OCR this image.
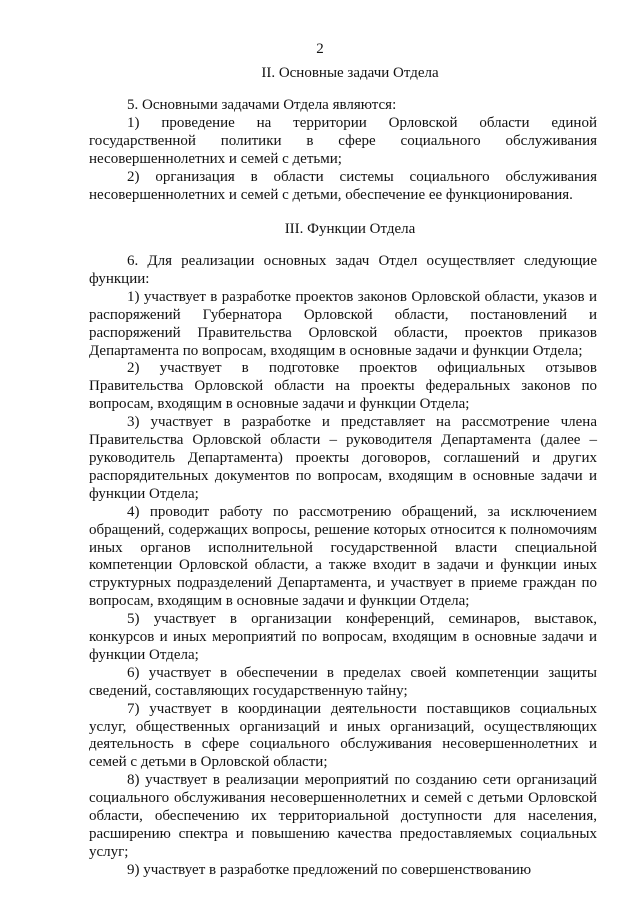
2
II. Основные задачи Отдела

5. Основными задачами Отдела являются:

1) проведение на территории Орловской области единой государственной политики в сфере социального обслуживания несовершеннолетних и семей с детьми;

2) организация в области системы социального обслуживания несовершеннолетних и семей с детьми, обеспечение ее функционирования.

III. Функции Отдела

6. Для реализации основных задач Отдел осуществляет следующие функции:

1) участвует в разработке проектов законов Орловской области, указов и распоряжений Губернатора Орловской области, постановлений и распоряжений Правительства Орловской области, проектов приказов Департамента по вопросам, входящим в основные задачи и функции Отдела;

2) участвует в подготовке проектов официальных отзывов Правительства Орловской области на проекты федеральных законов по вопросам, входящим в основные задачи и функции Отдела;

3) участвует в разработке и представляет на рассмотрение члена Правительства Орловской области – руководителя Департамента (далее – руководитель Департамента) проекты договоров, соглашений и других распорядительных документов по вопросам, входящим в основные задачи и функции Отдела;

4) проводит работу по рассмотрению обращений, за исключением обращений, содержащих вопросы, решение которых относится к полномочиям иных органов исполнительной государственной власти специальной компетенции Орловской области, а также входит в задачи и функции иных структурных подразделений Департамента, и участвует в приеме граждан по вопросам, входящим в основные задачи и функции Отдела;

5) участвует в организации конференций, семинаров, выставок, конкурсов и иных мероприятий по вопросам, входящим в основные задачи и функции Отдела;

6) участвует в обеспечении в пределах своей компетенции защиты сведений, составляющих государственную тайну;

7) участвует в координации деятельности поставщиков социальных услуг, общественных организаций и иных организаций, осуществляющих деятельность в сфере социального обслуживания несовершеннолетних и семей с детьми в Орловской области;

8) участвует в реализации мероприятий по созданию сети организаций социального обслуживания несовершеннолетних и семей с детьми Орловской области, обеспечению их территориальной доступности для населения, расширению спектра и повышению качества предоставляемых социальных услуг;

9) участвует в разработке предложений по совершенствованию
